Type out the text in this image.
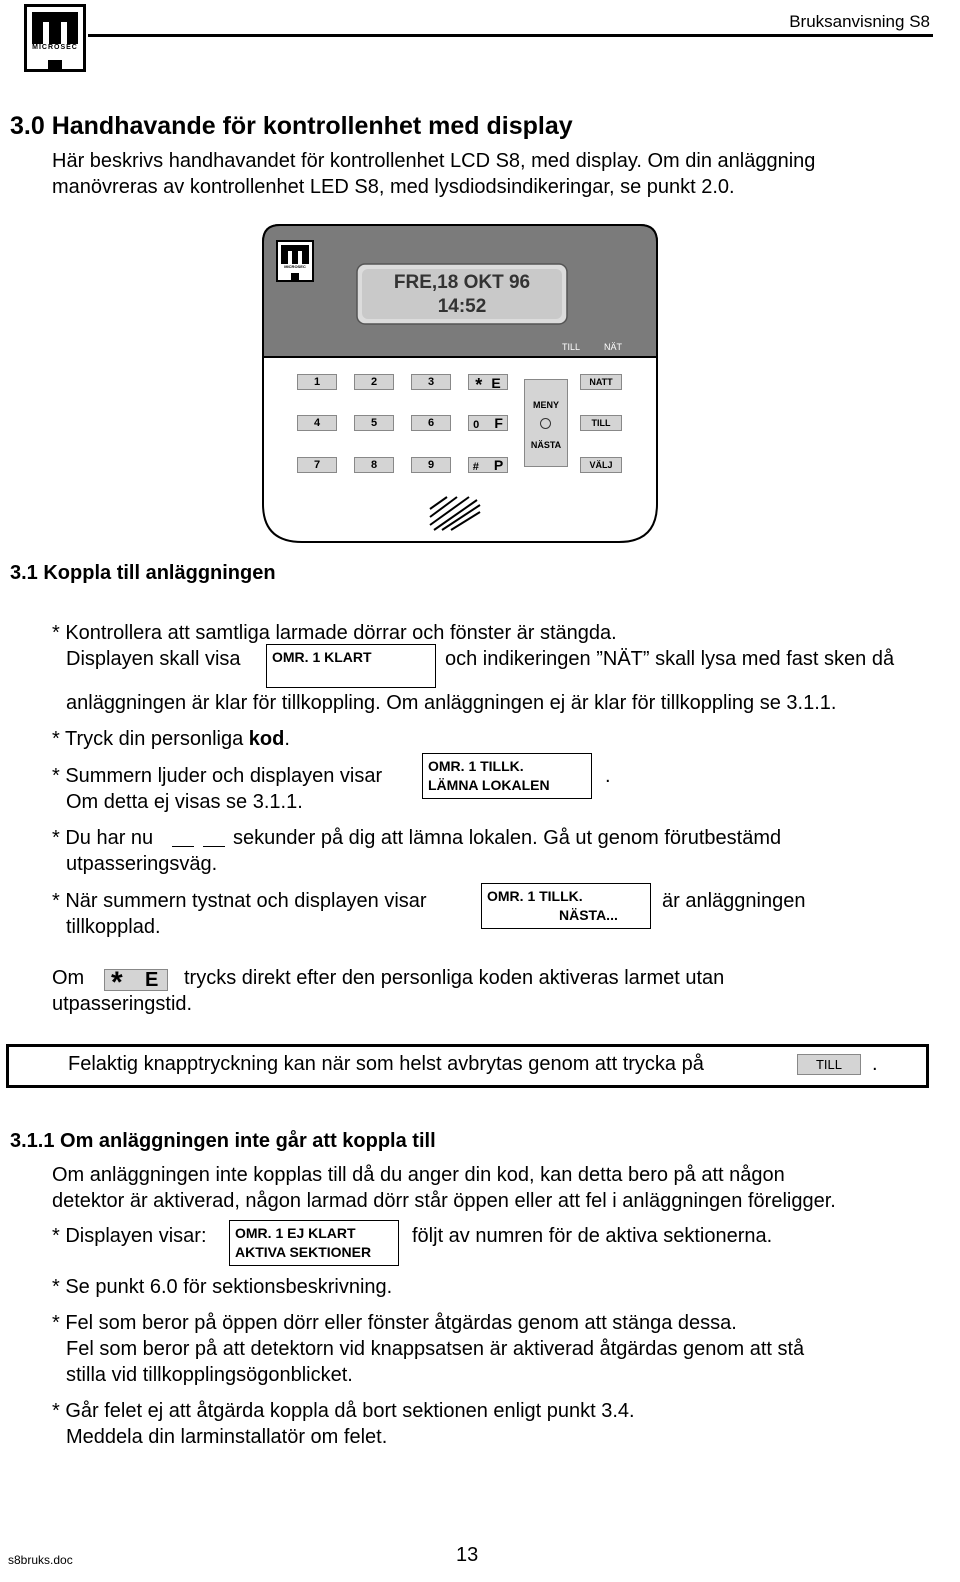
MICROSEC
Bruksanvisning S8
3.0 Handhavande för kontrollenhet med display
Här beskrivs handhavandet för kontrollenhet LCD S8, med display. Om din anläggning
manövreras av kontrollenhet LED S8, med lysdiodsindikeringar, se punkt 2.0.
MICROSEC
FRE,18 OKT 96
14:52
TILL	NÄT
1	2	3	* E
4	5	6	0 F
7	8	9	# P
MENY
NÄSTA
NATT
TILL
VÄLJ
3.1 Koppla till anläggningen
* Kontrollera att samtliga larmade dörrar och fönster är stängda.
Displayen skall visa OMR. 1 KLART	och indikeringen ”NÄT” skall lysa med fast sken då
anläggningen är klar för tillkoppling. Om anläggningen ej är klar för tillkoppling se 3.1.1.
* Tryck din personliga kod.
* Summern ljuder och displayen visar	OMR. 1 TILLK.
LÄMNA LOKALEN	.
Om detta ej visas se 3.1.1.
* Du har nu	sekunder på dig att lämna lokalen. Gå ut genom förutbestämd
utpasseringsväg.
* När summern tystnat och displayen visar	OMR. 1 TILLK.
NÄSTA...
är anläggningen
tillkopplad.
Om * E trycks direkt efter den personliga koden aktiveras larmet utan
utpasseringstid.
Felaktig knapptryckning kan när som helst avbrytas genom att trycka på	TILL	.
3.1.1 Om anläggningen inte går att koppla till
Om anläggningen inte kopplas till då du anger din kod, kan detta bero på att någon
detektor är aktiverad, någon larmad dörr står öppen eller att fel i anläggningen föreligger.
* Displayen visar: OMR. 1 EJ KLART
AKTIVA SEKTIONER
följt av numren för de aktiva sektionerna.
* Se punkt 6.0 för sektionsbeskrivning.
* Fel som beror på öppen dörr eller fönster åtgärdas genom att stänga dessa.
Fel som beror på att detektorn vid knappsatsen är aktiverad åtgärdas genom att stå
stilla vid tillkopplingsögonblicket.
* Går felet ej att åtgärda koppla då bort sektionen enligt punkt 3.4.
Meddela din larminstallatör om felet.
s8bruks.doc	13
